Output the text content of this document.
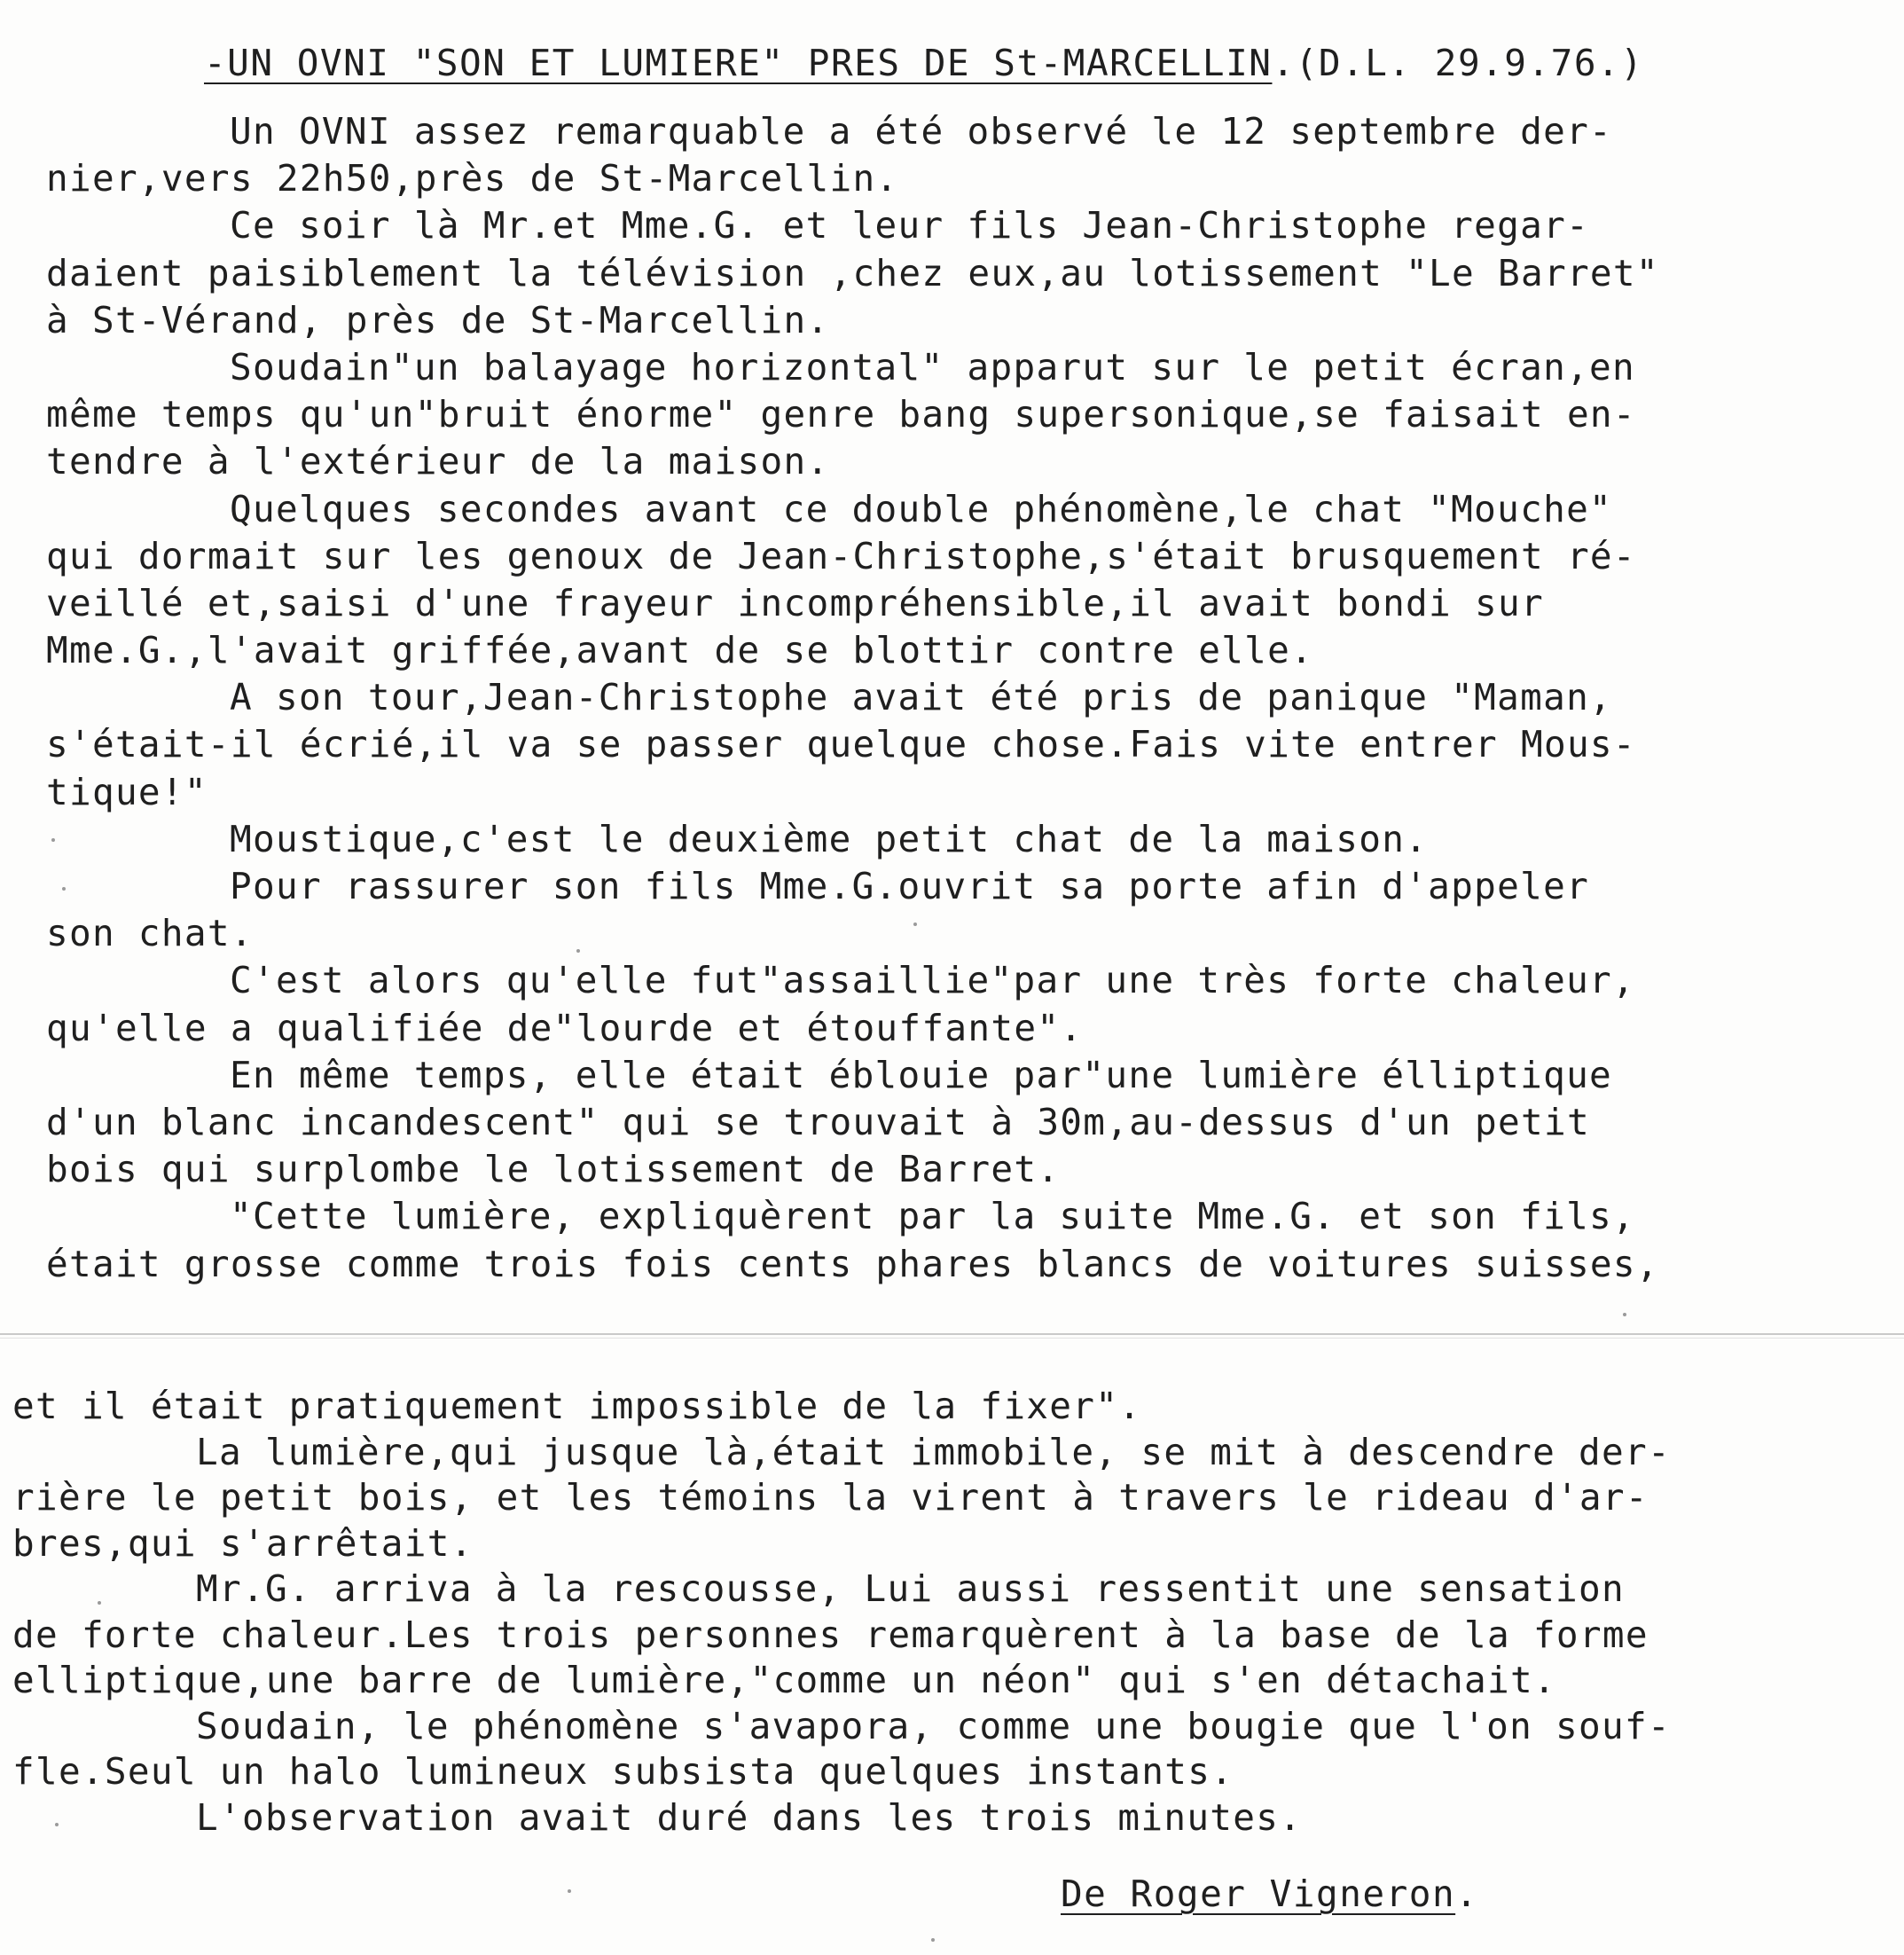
-UN OVNI "SON ET LUMIERE" PRES DE St-MARCELLIN.(D.L. 29.9.76.)
Un OVNI assez remarquable a été observé le 12 septembre der-
nier,vers 22h50,près de St-Marcellin.
Ce soir là Mr.et Mme.G. et leur fils Jean-Christophe regar-
daient paisiblement la télévision ,chez eux,au lotissement "Le Barret"
à St-Vérand, près de St-Marcellin.
Soudain"un balayage horizontal" apparut sur le petit écran,en
même temps qu'un"bruit énorme" genre bang supersonique,se faisait en-
tendre à l'extérieur de la maison.
Quelques secondes avant ce double phénomène,le chat "Mouche"
qui dormait sur les genoux de Jean-Christophe,s'était brusquement ré-
veillé et,saisi d'une frayeur incompréhensible,il avait bondi sur
Mme.G.,l'avait griffée,avant de se blottir contre elle.
A son tour,Jean-Christophe avait été pris de panique "Maman,
s'était-il écrié,il va se passer quelque chose.Fais vite entrer Mous-
tique!"
Moustique,c'est le deuxième petit chat de la maison.
Pour rassurer son fils Mme.G.ouvrit sa porte afin d'appeler
son chat.
C'est alors qu'elle fut"assaillie"par une très forte chaleur,
qu'elle a qualifiée de"lourde et étouffante".
En même temps, elle était éblouie par"une lumière élliptique
d'un blanc incandescent" qui se trouvait à 30m,au-dessus d'un petit
bois qui surplombe le lotissement de Barret.
"Cette lumière, expliquèrent par la suite Mme.G. et son fils,
était grosse comme trois fois cents phares blancs de voitures suisses,
et il était pratiquement impossible de la fixer".
La lumière,qui jusque là,était immobile, se mit à descendre der-
rière le petit bois, et les témoins la virent à travers le rideau d'ar-
bres,qui s'arrêtait.
Mr.G. arriva à la rescousse, Lui aussi ressentit une sensation
de forte chaleur.Les trois personnes remarquèrent à la base de la forme
elliptique,une barre de lumière,"comme un néon" qui s'en détachait.
Soudain, le phénomène s'avapora, comme une bougie que l'on souf-
fle.Seul un halo lumineux subsista quelques instants.
L'observation avait duré dans les trois minutes.
De Roger Vigneron.
